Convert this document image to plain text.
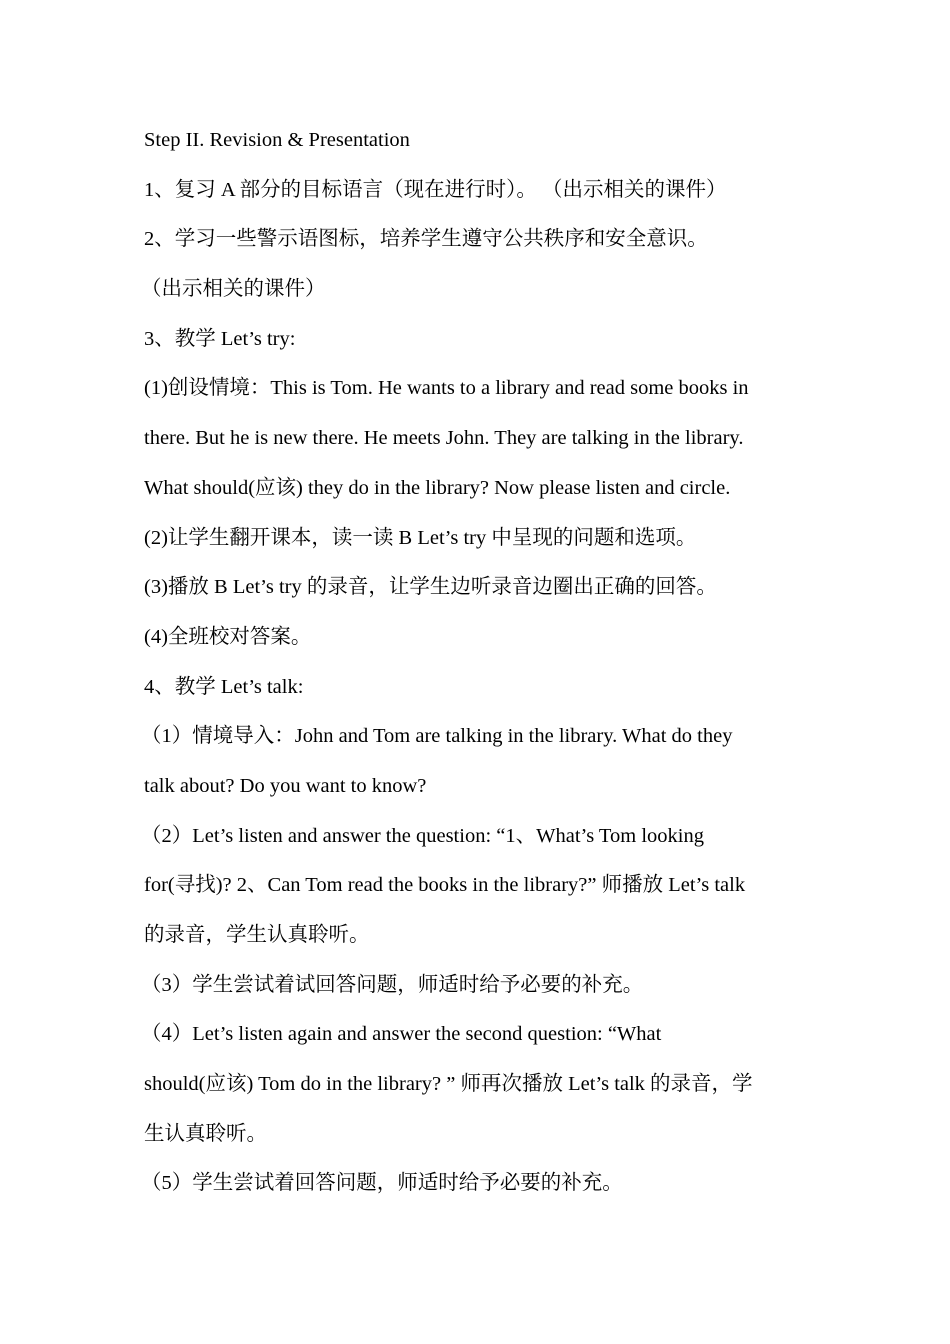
Step II. Revision & Presentation
1、复习 A 部分的目标语言（现在进行时）。 （出示相关的课件）
2、学习一些警示语图标，培养学生遵守公共秩序和安全意识。
（出示相关的课件）
3、教学 Let’s try:
(1)创设情境：This is Tom. He wants to a library and read some books in
there. But he is new there. He meets John. They are talking in the library.
What should(应该) they do in the library? Now please listen and circle.
(2)让学生翻开课本，读一读 B Let’s try 中呈现的问题和选项。
(3)播放 B Let’s try 的录音，让学生边听录音边圈出正确的回答。
(4)全班校对答案。
4、教学 Let’s talk:
（1）情境导入：John and Tom are talking in the library. What do they
talk about? Do you want to know?
（2）Let’s listen and answer the question: “1、What’s Tom looking
for(寻找)? 2、Can Tom read the books in the library?” 师播放 Let’s talk
的录音，学生认真聆听。
（3）学生尝试着试回答问题，师适时给予必要的补充。
（4）Let’s listen again and answer the second question: “What
should(应该) Tom do in the library? ” 师再次播放 Let’s talk 的录音，学
生认真聆听。
（5）学生尝试着回答问题，师适时给予必要的补充。
